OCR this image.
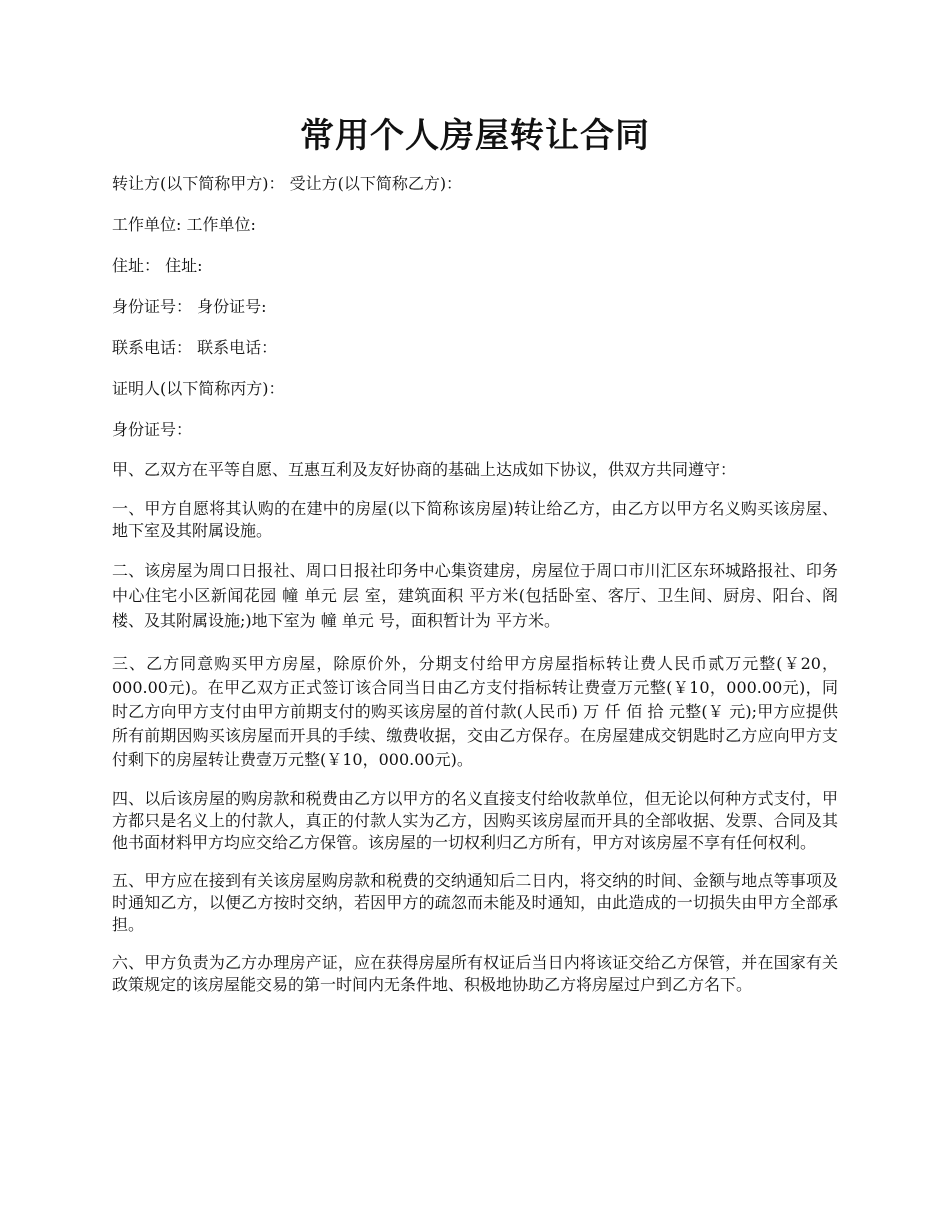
常用个人房屋转让合同

转让方(以下简称甲方)： 受让方(以下简称乙方)：

工作单位: 工作单位:

住址： 住址:

身份证号： 身份证号:

联系电话： 联系电话：

证明人(以下简称丙方)：

身份证号：

甲、乙双方在平等自愿、互惠互利及友好协商的基础上达成如下协议，供双方共同遵守：

一、甲方自愿将其认购的在建中的房屋(以下简称该房屋)转让给乙方，由乙方以甲方名义购买该房屋、地下室及其附属设施。

二、该房屋为周口日报社、周口日报社印务中心集资建房，房屋位于周口市川汇区东环城路报社、印务中心住宅小区新闻花园 幢 单元 层 室，建筑面积 平方米(包括卧室、客厅、卫生间、厨房、阳台、阁楼、及其附属设施;)地下室为 幢 单元 号，面积暂计为 平方米。

三、乙方同意购买甲方房屋，除原价外，分期支付给甲方房屋指标转让费人民币贰万元整(￥20，000.00元)。在甲乙双方正式签订该合同当日由乙方支付指标转让费壹万元整(￥10，000.00元)，同时乙方向甲方支付由甲方前期支付的购买该房屋的首付款(人民币) 万 仟 佰 拾 元整(￥ 元);甲方应提供所有前期因购买该房屋而开具的手续、缴费收据，交由乙方保存。在房屋建成交钥匙时乙方应向甲方支付剩下的房屋转让费壹万元整(￥10，000.00元)。

四、以后该房屋的购房款和税费由乙方以甲方的名义直接支付给收款单位，但无论以何种方式支付，甲方都只是名义上的付款人，真正的付款人实为乙方，因购买该房屋而开具的全部收据、发票、合同及其他书面材料甲方均应交给乙方保管。该房屋的一切权利归乙方所有，甲方对该房屋不享有任何权利。

五、甲方应在接到有关该房屋购房款和税费的交纳通知后二日内，将交纳的时间、金额与地点等事项及时通知乙方，以便乙方按时交纳，若因甲方的疏忽而未能及时通知，由此造成的一切损失由甲方全部承担。

六、甲方负责为乙方办理房产证，应在获得房屋所有权证后当日内将该证交给乙方保管，并在国家有关政策规定的该房屋能交易的第一时间内无条件地、积极地协助乙方将房屋过户到乙方名下。
